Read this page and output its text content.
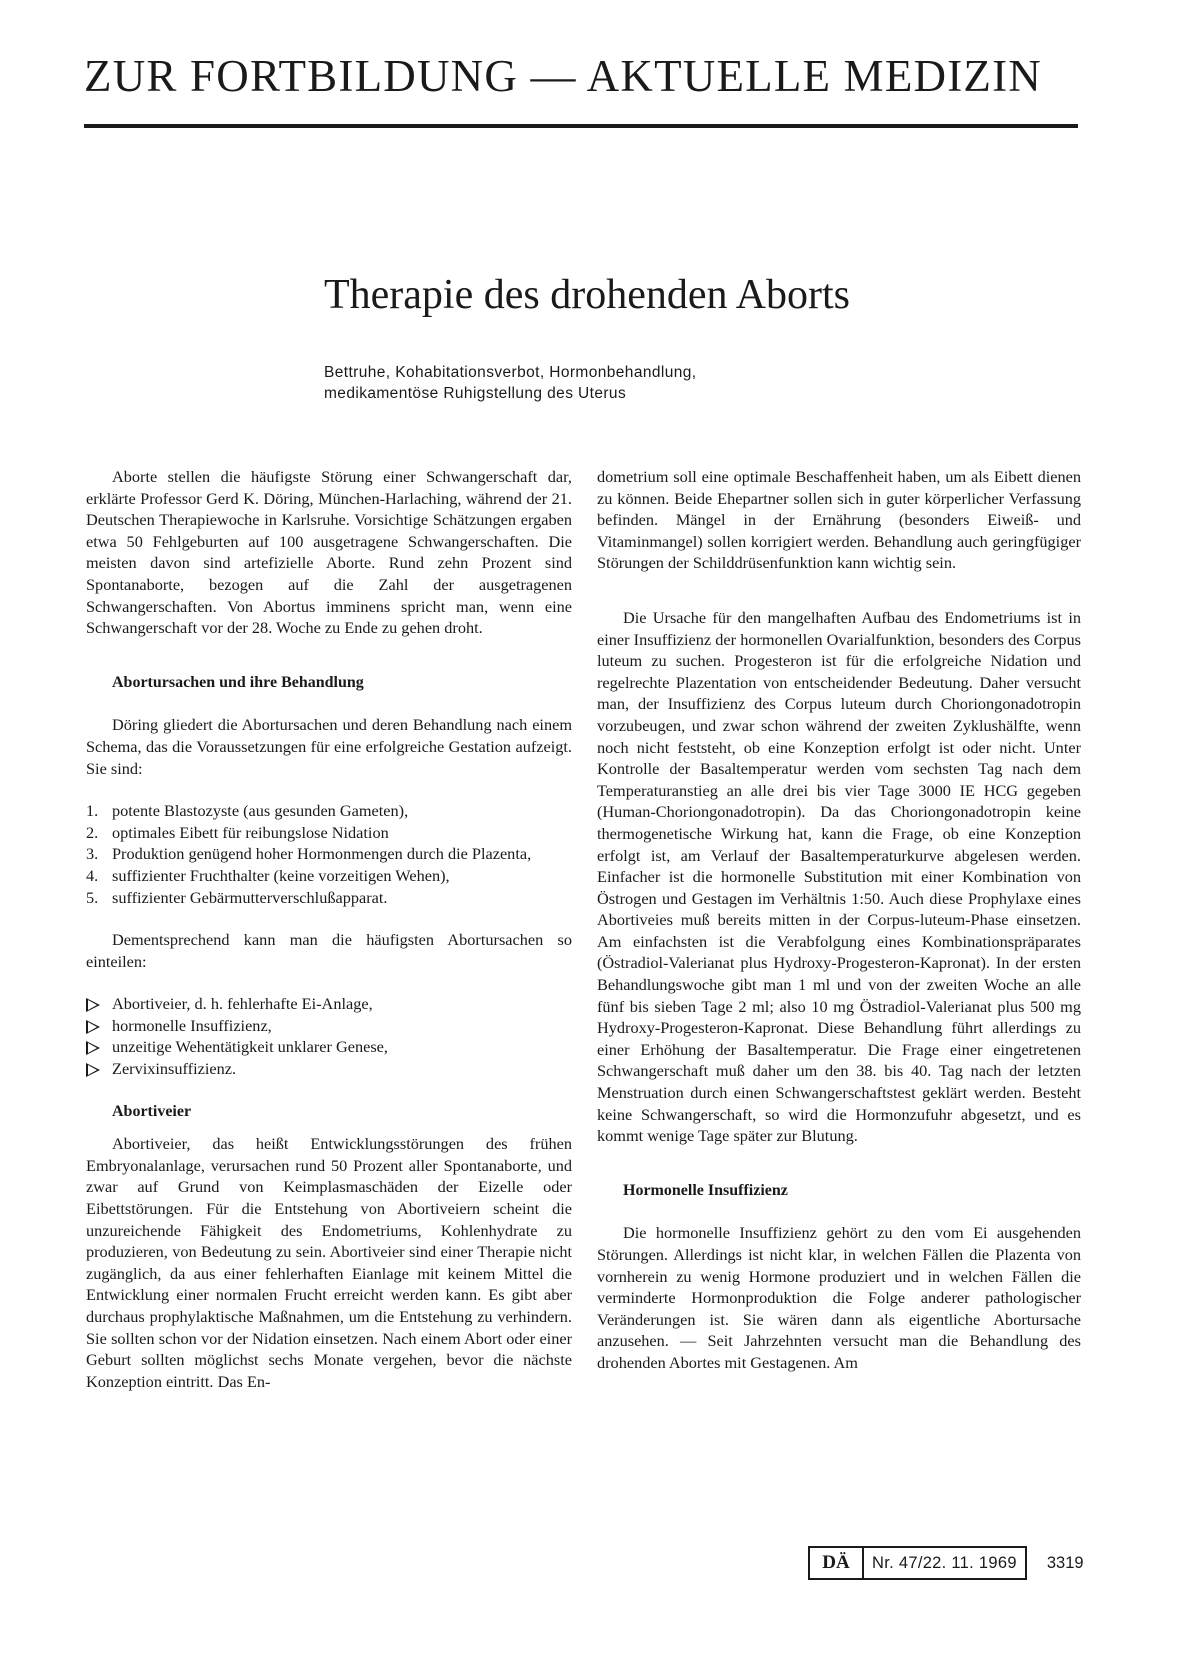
ZUR FORTBILDUNG — AKTUELLE MEDIZIN
Therapie des drohenden Aborts
Bettruhe, Kohabitationsverbot, Hormonbehandlung,
medikamentöse Ruhigstellung des Uterus

Aborte stellen die häufigste Störung einer Schwangerschaft dar, erklärte Professor Gerd K. Döring, München-Harlaching, während der 21. Deutschen Therapiewoche in Karlsruhe. Vorsichtige Schätzungen ergaben etwa 50 Fehlgeburten auf 100 ausgetragene Schwangerschaften. Die meisten davon sind artefizielle Aborte. Rund zehn Prozent sind Spontanaborte, bezogen auf die Zahl der ausgetragenen Schwangerschaften. Von Abortus imminens spricht man, wenn eine Schwangerschaft vor der 28. Woche zu Ende zu gehen droht.

Abortursachen und ihre Behandlung

Döring gliedert die Abortursachen und deren Behandlung nach einem Schema, das die Voraussetzungen für eine erfolgreiche Gestation aufzeigt. Sie sind:

1. potente Blastozyste (aus gesunden Gameten),
2. optimales Eibett für reibungslose Nidation
3. Produktion genügend hoher Hormonmengen durch die Plazenta,
4. suffizienter Fruchthalter (keine vorzeitigen Wehen),
5. suffizienter Gebärmutterverschlußapparat.

Dementsprechend kann man die häufigsten Abortursachen so einteilen:

Abortiveier, d. h. fehlerhafte Ei-Anlage,
hormonelle Insuffizienz,
unzeitige Wehentätigkeit unklarer Genese,
Zervixinsuffizienz.

Abortiveier

Abortiveier, das heißt Entwicklungsstörungen des frühen Embryonalanlage, verursachen rund 50 Prozent aller Spontanaborte, und zwar auf Grund von Keimplasmaschäden der Eizelle oder Eibettstörungen. Für die Entstehung von Abortiveiern scheint die unzureichende Fähigkeit des Endometriums, Kohlenhydrate zu produzieren, von Bedeutung zu sein. Abortiveier sind einer Therapie nicht zugänglich, da aus einer fehlerhaften Eianlage mit keinem Mittel die Entwicklung einer normalen Frucht erreicht werden kann. Es gibt aber durchaus prophylaktische Maßnahmen, um die Entstehung zu verhindern. Sie sollten schon vor der Nidation einsetzen. Nach einem Abort oder einer Geburt sollten möglichst sechs Monate vergehen, bevor die nächste Konzeption eintritt. Das En-

dometrium soll eine optimale Beschaffenheit haben, um als Eibett dienen zu können. Beide Ehepartner sollen sich in guter körperlicher Verfassung befinden. Mängel in der Ernährung (besonders Eiweiß- und Vitaminmangel) sollen korrigiert werden. Behandlung auch geringfügiger Störungen der Schilddrüsenfunktion kann wichtig sein.

Die Ursache für den mangelhaften Aufbau des Endometriums ist in einer Insuffizienz der hormonellen Ovarialfunktion, besonders des Corpus luteum zu suchen. Progesteron ist für die erfolgreiche Nidation und regelrechte Plazentation von entscheidender Bedeutung. Daher versucht man, der Insuffizienz des Corpus luteum durch Choriongonadotropin vorzubeugen, und zwar schon während der zweiten Zyklushälfte, wenn noch nicht feststeht, ob eine Konzeption erfolgt ist oder nicht. Unter Kontrolle der Basaltemperatur werden vom sechsten Tag nach dem Temperaturanstieg an alle drei bis vier Tage 3000 IE HCG gegeben (Human-Choriongonadotropin). Da das Choriongonadotropin keine thermogenetische Wirkung hat, kann die Frage, ob eine Konzeption erfolgt ist, am Verlauf der Basaltemperaturkurve abgelesen werden. Einfacher ist die hormonelle Substitution mit einer Kombination von Östrogen und Gestagen im Verhältnis 1:50. Auch diese Prophylaxe eines Abortiveies muß bereits mitten in der Corpus-luteum-Phase einsetzen. Am einfachsten ist die Verabfolgung eines Kombinationspräparates (Östradiol-Valerianat plus Hydroxy-Progesteron-Kapronat). In der ersten Behandlungswoche gibt man 1 ml und von der zweiten Woche an alle fünf bis sieben Tage 2 ml; also 10 mg Östradiol-Valerianat plus 500 mg Hydroxy-Progesteron-Kapronat. Diese Behandlung führt allerdings zu einer Erhöhung der Basaltemperatur. Die Frage einer eingetretenen Schwangerschaft muß daher um den 38. bis 40. Tag nach der letzten Menstruation durch einen Schwangerschaftstest geklärt werden. Besteht keine Schwangerschaft, so wird die Hormonzufuhr abgesetzt, und es kommt wenige Tage später zur Blutung.

Hormonelle Insuffizienz

Die hormonelle Insuffizienz gehört zu den vom Ei ausgehenden Störungen. Allerdings ist nicht klar, in welchen Fällen die Plazenta von vornherein zu wenig Hormone produziert und in welchen Fällen die verminderte Hormonproduktion die Folge anderer pathologischer Veränderungen ist. Sie wären dann als eigentliche Abortursache anzusehen. — Seit Jahrzehnten versucht man die Behandlung des drohenden Abortes mit Gestagenen. Am

DÄ	Nr. 47/22. 11. 1969	3319
